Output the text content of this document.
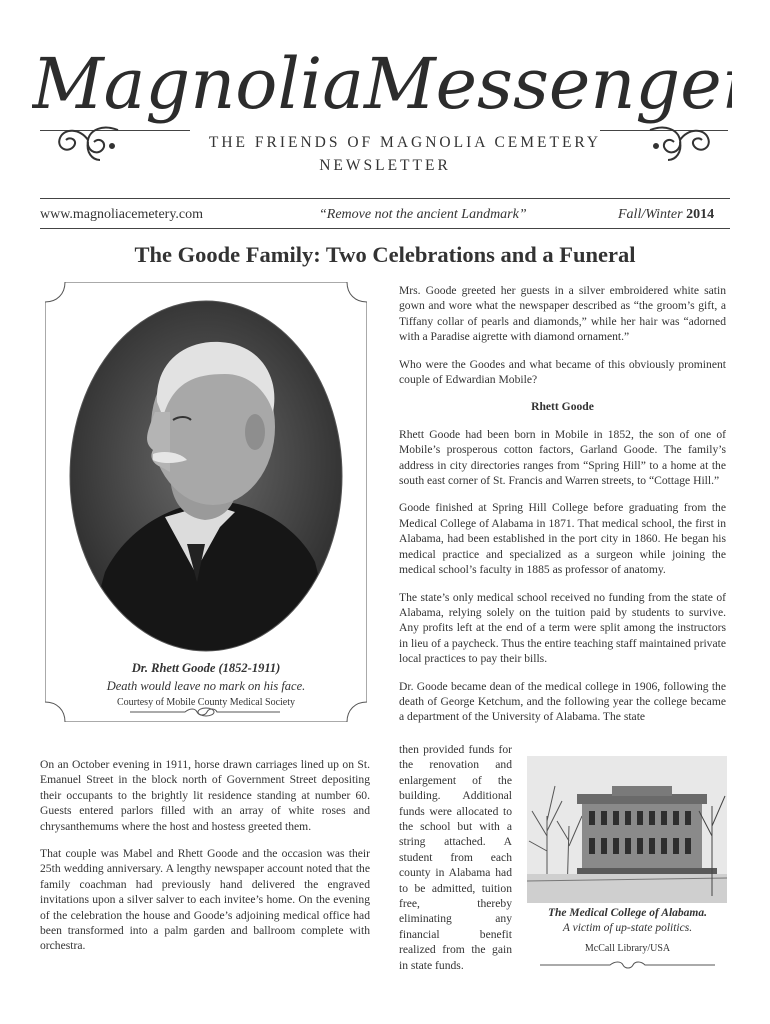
MagnoliaMessenger
THE FRIENDS OF MAGNOLIA CEMETERY
NEWSLETTER
www.magnoliacemetery.com	“Remove not the ancient Landmark”	Fall/Winter 2014
The Goode Family: Two Celebrations and a Funeral
Dr. Rhett Goode (1852-1911)
Death would leave no mark on his face.
Courtesy of Mobile County Medical Society

On an October evening in 1911, horse drawn carriages lined up on St. Emanuel Street in the block north of Government Street depositing their occupants to the brightly lit residence standing at number 60. Guests entered parlors filled with an array of white roses and chrysanthemums where the host and hostess greeted them.

That couple was Mabel and Rhett Goode and the occasion was their 25th wedding anniversary. A lengthy newspaper account noted that the family coachman had previously hand delivered the engraved invitations upon a silver salver to each invitee’s home. On the evening of the celebration the house and Goode’s adjoining medical office had been transformed into a palm garden and ballroom complete with orchestra.

Mrs. Goode greeted her guests in a silver embroidered white satin gown and wore what the newspaper described as “the groom’s gift, a Tiffany collar of pearls and diamonds,” while her hair was “adorned with a Paradise aigrette with diamond ornament.”

Who were the Goodes and what became of this obviously prominent couple of Edwardian Mobile?

Rhett Goode

Rhett Goode had been born in Mobile in 1852, the son of one of Mobile’s prosperous cotton factors, Garland Goode. The family’s address in city directories ranges from “Spring Hill” to a home at the south east corner of St. Francis and Warren streets, to “Cottage Hill.”

Goode finished at Spring Hill College before graduating from the Medical College of Alabama in 1871. That medical school, the first in Alabama, had been established in the port city in 1860. He began his medical practice and specialized as a surgeon while joining the medical school’s faculty in 1885 as professor of anatomy.

The state’s only medical school received no funding from the state of Alabama, relying solely on the tuition paid by students to survive. Any profits left at the end of a term were split among the instructors in lieu of a paycheck. Thus the entire teaching staff maintained private local practices to pay their bills.

Dr. Goode became dean of the medical college in 1906, following the death of George Ketchum, and the following year the college became a department of the University of Alabama. The state

then provided funds for the renovation and enlargement of the building. Additional funds were allocated to the school but with a string attached. A student from each county in Alabama had to be admitted, tuition free, thereby eliminating any financial benefit realized from the gain in state funds.

The Medical College of Alabama.
A victim of up-state politics.
McCall Library/USA
